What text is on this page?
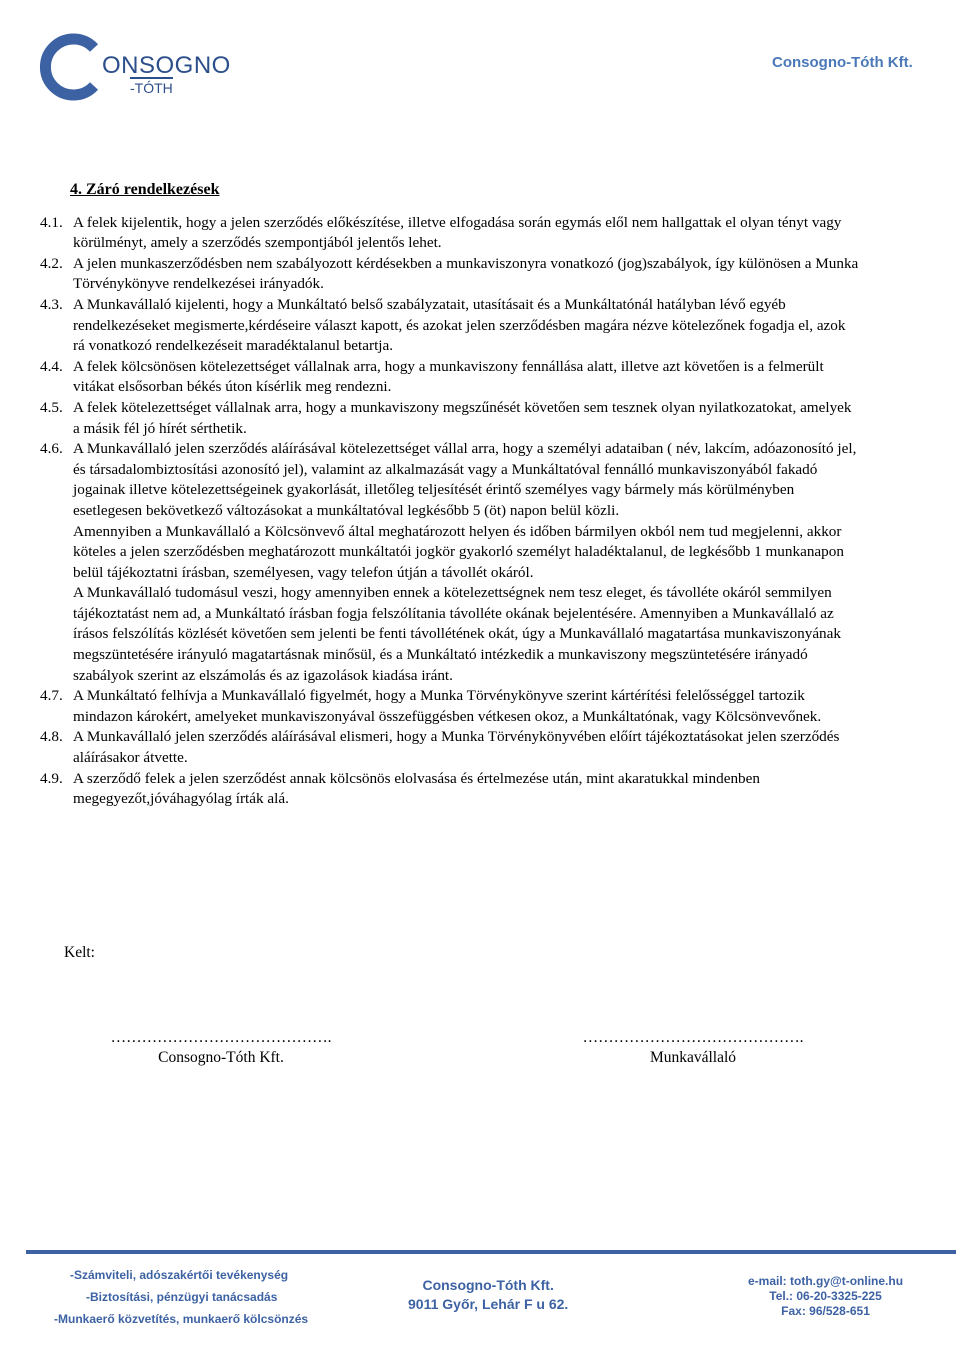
ONSOGNO
-TÓTH
Consogno-Tóth Kft.
4. Záró rendelkezések
4.1. A felek kijelentik, hogy a jelen szerződés előkészítése, illetve elfogadása során egymás elől nem hallgattak el olyan tényt vagy körülményt, amely a szerződés szempontjából jelentős lehet.

4.2. A jelen munkaszerződésben nem szabályozott kérdésekben a munkaviszonyra vonatkozó (jog)szabályok, így különösen a Munka Törvénykönyve rendelkezései irányadók.

4.3. A Munkavállaló kijelenti, hogy a Munkáltató belső szabályzatait, utasításait és a Munkáltatónál hatályban lévő egyéb rendelkezéseket megismerte,kérdéseire választ kapott, és azokat jelen szerződésben magára nézve kötelezőnek fogadja el, azok rá vonatkozó rendelkezéseit maradéktalanul betartja.

4.4. A felek kölcsönösen kötelezettséget vállalnak arra, hogy a munkaviszony fennállása alatt, illetve azt követően is a felmerült vitákat elsősorban békés úton kísérlik meg rendezni.

4.5. A felek kötelezettséget vállalnak arra, hogy a munkaviszony megszűnését követően sem tesznek olyan nyilatkozatokat, amelyek a másik fél jó hírét sérthetik.

4.6. A Munkavállaló jelen szerződés aláírásával kötelezettséget vállal arra, hogy a személyi adataiban ( név, lakcím, adóazonosító jel, és társadalombiztosítási azonosító jel), valamint az alkalmazását vagy a Munkáltatóval fennálló munkaviszonyából fakadó jogainak illetve kötelezettségeinek gyakorlását, illetőleg teljesítését érintő személyes vagy bármely más körülményben esetlegesen bekövetkező változásokat a munkáltatóval legkésőbb 5 (öt) napon belül közli.

Amennyiben a Munkavállaló a Kölcsönvevő által meghatározott helyen és időben bármilyen okból nem tud megjelenni, akkor köteles a jelen szerződésben meghatározott munkáltatói jogkör gyakorló személyt haladéktalanul, de legkésőbb 1 munkanapon belül tájékoztatni írásban, személyesen, vagy telefon útján a távollét okáról.

A Munkavállaló tudomásul veszi, hogy amennyiben ennek a kötelezettségnek nem tesz eleget, és távolléte okáról semmilyen tájékoztatást nem ad, a Munkáltató írásban fogja felszólítania távolléte okának bejelentésére. Amennyiben a Munkavállaló az írásos felszólítás közlését követően sem jelenti be fenti távollétének okát, úgy a Munkavállaló magatartása munkaviszonyának megszüntetésére irányuló magatartásnak minősül, és a Munkáltató intézkedik a munkaviszony megszüntetésére irányadó szabályok szerint az elszámolás és az igazolások kiadása iránt.

4.7. A Munkáltató felhívja a Munkavállaló figyelmét, hogy a Munka Törvénykönyve szerint kártérítési felelősséggel tartozik mindazon károkért, amelyeket munkaviszonyával összefüggésben vétkesen okoz, a Munkáltatónak, vagy Kölcsönvevőnek.

4.8. A Munkavállaló jelen szerződés aláírásával elismeri, hogy a Munka Törvénykönyvében előírt tájékoztatásokat jelen szerződés aláírásakor átvette.

4.9. A szerződő felek a jelen szerződést annak kölcsönös elolvasása és értelmezése után, mint akaratukkal mindenben megegyezőt,jóváhagyólag írták alá.

Kelt:
…………………………………….
Consogno-Tóth Kft.
…………………………………….
Munkavállaló
-Számviteli, adószakértői tevékenység
-Biztosítási, pénzügyi tanácsadás
-Munkaerő közvetítés, munkaerő kölcsönzés
Consogno-Tóth Kft.
9011 Győr, Lehár F u 62.
e-mail: toth.gy@t-online.hu
Tel.: 06-20-3325-225
Fax: 96/528-651
